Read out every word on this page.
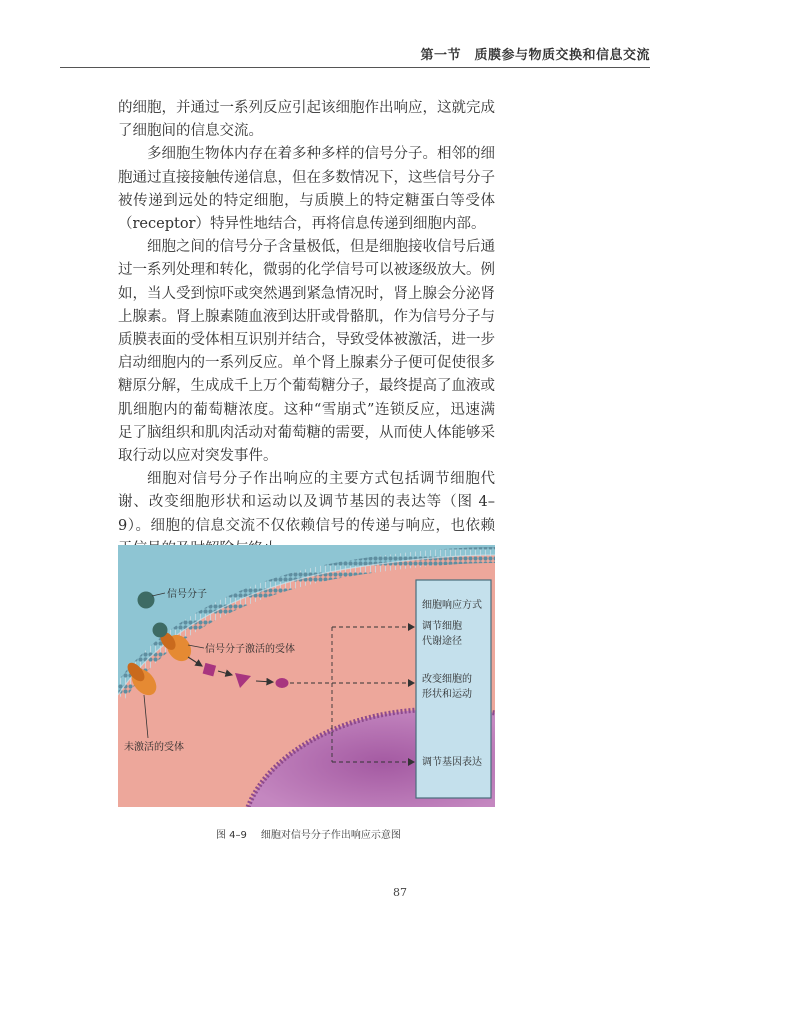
第一节　质膜参与物质交换和信息交流

的细胞，并通过一系列反应引起该细胞作出响应，这就完成了细胞间的信息交流。

多细胞生物体内存在着多种多样的信号分子。相邻的细胞通过直接接触传递信息，但在多数情况下，这些信号分子被传递到远处的特定细胞，与质膜上的特定糖蛋白等受体（receptor）特异性地结合，再将信息传递到细胞内部。

细胞之间的信号分子含量极低，但是细胞接收信号后通过一系列处理和转化，微弱的化学信号可以被逐级放大。例如，当人受到惊吓或突然遇到紧急情况时，肾上腺会分泌肾上腺素。肾上腺素随血液到达肝或骨骼肌，作为信号分子与质膜表面的受体相互识别并结合，导致受体被激活，进一步启动细胞内的一系列反应。单个肾上腺素分子便可促使很多糖原分解，生成成千上万个葡萄糖分子，最终提高了血液或肌细胞内的葡萄糖浓度。这种“雪崩式”连锁反应，迅速满足了脑组织和肌肉活动对葡萄糖的需要，从而使人体能够采取行动以应对突发事件。

细胞对信号分子作出响应的主要方式包括调节细胞代谢、改变细胞形状和运动以及调节基因的表达等（图 4–9）。细胞的信息交流不仅依赖信号的传递与响应，也依赖

信号分子
信号分子激活的受体
未激活的受体
细胞响应方式
调节细胞代谢途径
改变细胞的形状和运动
调节基因表达
图 4–9 细胞对信号分子作出响应示意图
87
